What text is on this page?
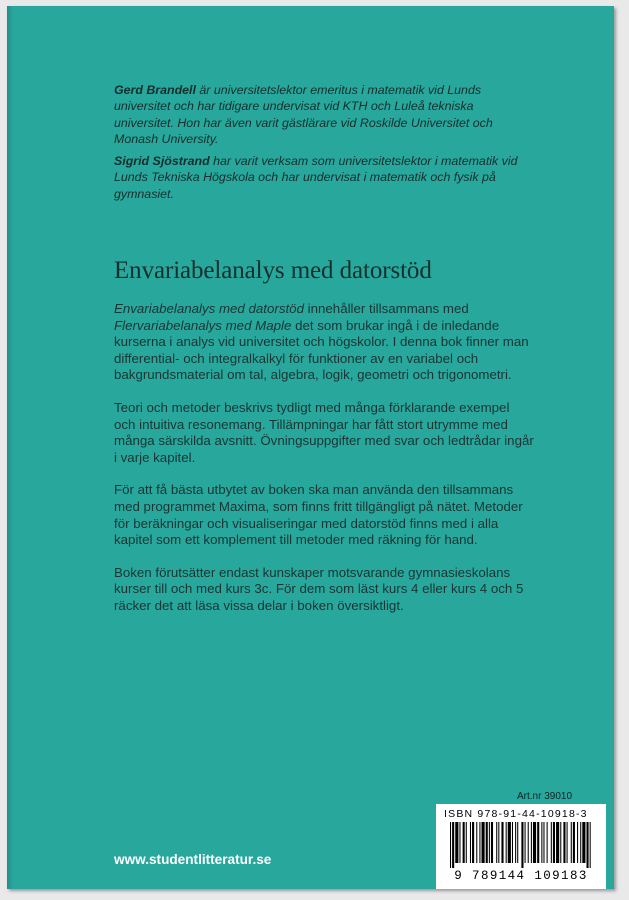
Gerd Brandell är universitetslektor emeritus i matematik vid Lunds universitet och har tidigare undervisat vid KTH och Luleå tekniska universitet. Hon har även varit gästlärare vid Roskilde Universitet och Monash University.

Sigrid Sjöstrand har varit verksam som universitetslektor i matematik vid Lunds Tekniska Högskola och har undervisat i matematik och fysik på gymnasiet.

Envariabelanalys med datorstöd

Envariabelanalys med datorstöd innehåller tillsammans med Flervariabelanalys med Maple det som brukar ingå i de inledande kurserna i analys vid universitet och högskolor. I denna bok finner man differential- och integralkalkyl för funktioner av en variabel och bakgrundsmaterial om tal, algebra, logik, geometri och trigonometri.

Teori och metoder beskrivs tydligt med många förklarande exempel och intuitiva resonemang. Tillämpningar har fått stort utrymme med många särskilda avsnitt. Övningsuppgifter med svar och ledtrådar ingår i varje kapitel.

För att få bästa utbytet av boken ska man använda den tillsammans med programmet Maxima, som finns fritt tillgängligt på nätet. Metoder för beräkningar och visualiseringar med datorstöd finns med i alla kapitel som ett komplement till metoder med räkning för hand.

Boken förutsätter endast kunskaper motsvarande gymnasieskolans kurser till och med kurs 3c. För dem som läst kurs 4 eller kurs 4 och 5 räcker det att läsa vissa delar i boken översiktligt.

www.studentlitteratur.se
Art.nr 39010
ISBN 978-91-44-10918-3
9 789144 109183
